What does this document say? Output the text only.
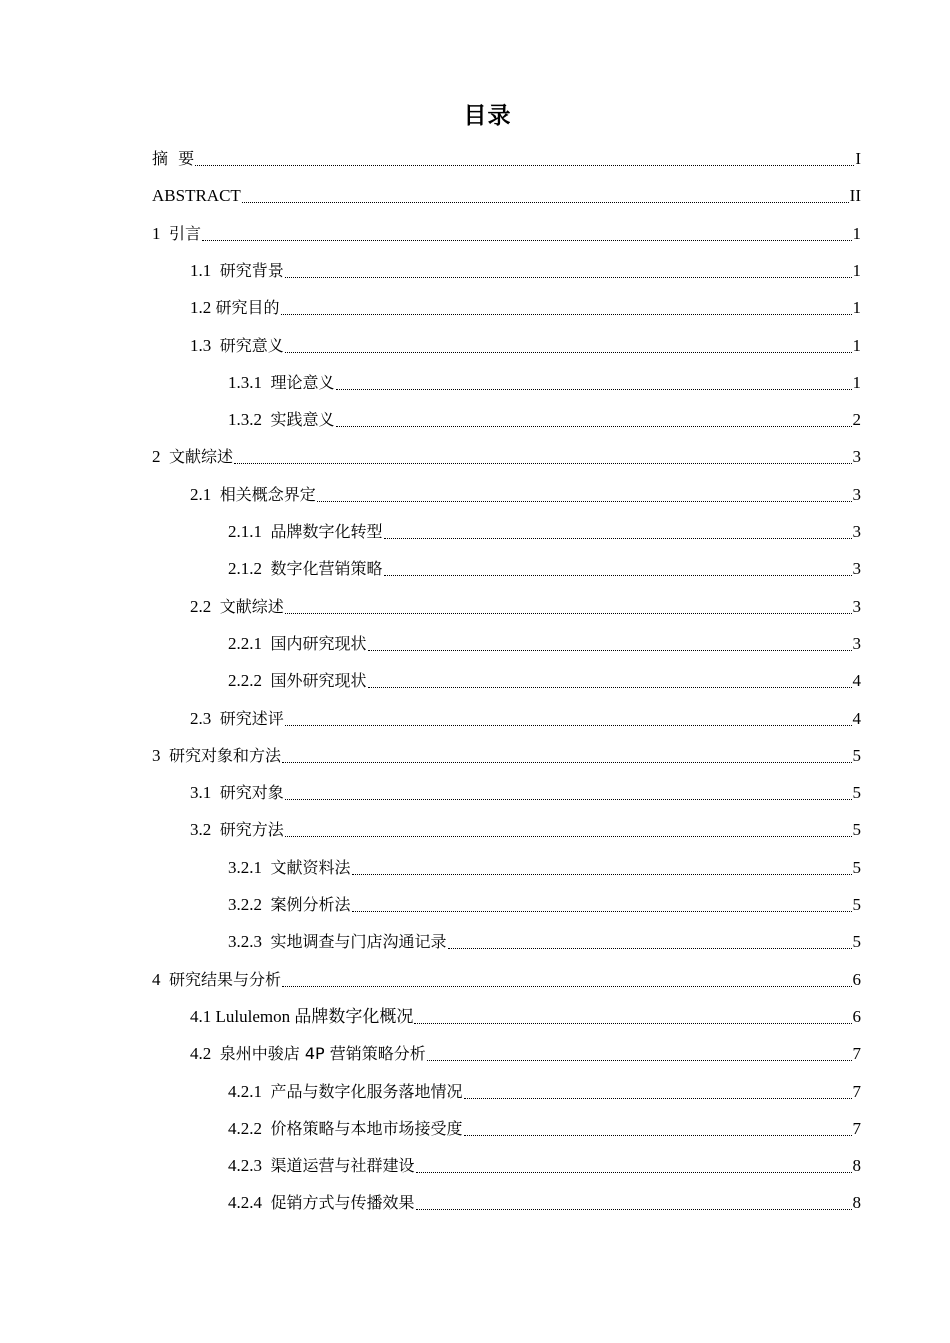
目录
摘  要	I
ABSTRACT	II
1 引言	1
1.1 研究背景	1
1.2 研究目的	1
1.3 研究意义	1
1.3.1 理论意义	1
1.3.2 实践意义	2
2 文献综述	3
2.1 相关概念界定	3
2.1.1 品牌数字化转型	3
2.1.2 数字化营销策略	3
2.2 文献综述	3
2.2.1 国内研究现状	3
2.2.2 国外研究现状	4
2.3 研究述评	4
3 研究对象和方法	5
3.1 研究对象	5
3.2 研究方法	5
3.2.1 文献资料法	5
3.2.2 案例分析法	5
3.2.3 实地调查与门店沟通记录	5
4 研究结果与分析	6
4.1 Lululemon 品牌数字化概况	6
4.2 泉州中骏店 4P 营销策略分析	7
4.2.1 产品与数字化服务落地情况	7
4.2.2 价格策略与本地市场接受度	7
4.2.3 渠道运营与社群建设	8
4.2.4 促销方式与传播效果	8
